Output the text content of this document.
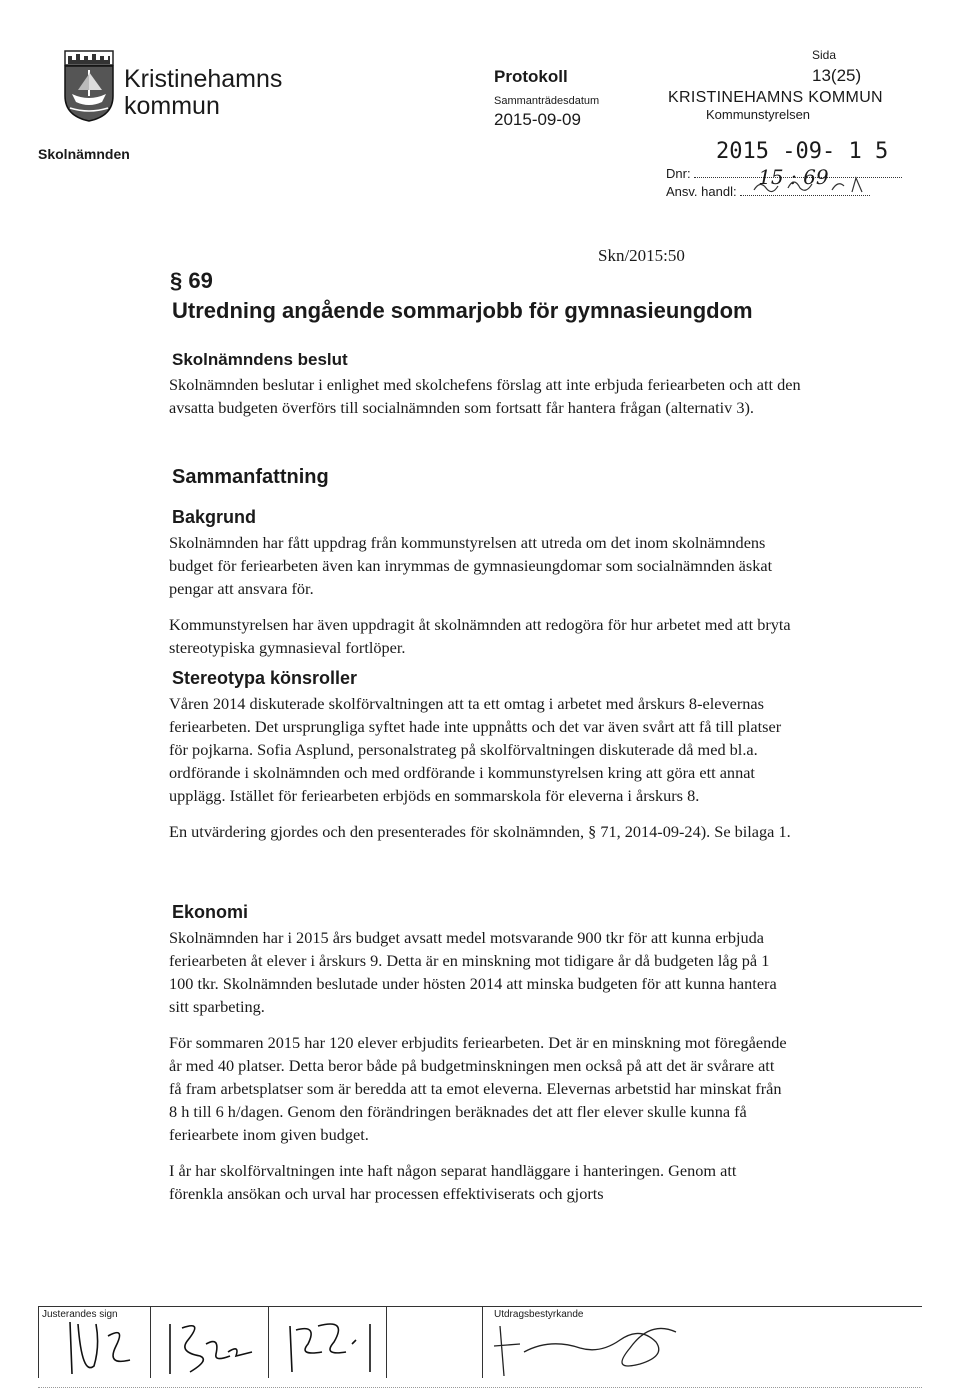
Kristinehamns
kommun
Protokoll
Sammanträdesdatum
2015-09-09
Sida
13(25)
Skolnämnden
KRISTINEHAMNS KOMMUN
Kommunstyrelsen
2015 -09- 1 5
Dnr:	15 : 69
Ansv. handl:
Skn/2015:50
§ 69
Utredning angående sommarjobb för gymnasieungdom
Skolnämndens beslut

Skolnämnden beslutar i enlighet med skolchefens förslag att inte erbjuda feriearbeten och att den avsatta budgeten överförs till socialnämnden som fortsatt får hantera frågan (alternativ 3).

Sammanfattning
Bakgrund

Skolnämnden har fått uppdrag från kommunstyrelsen att utreda om det inom skolnämndens budget för feriearbeten även kan inrymmas de gymnasieungdomar som socialnämnden äskat pengar att ansvara för.

Kommunstyrelsen har även uppdragit åt skolnämnden att redogöra för hur arbetet med att bryta stereotypiska gymnasieval fortlöper.

Stereotypa könsroller

Våren 2014 diskuterade skolförvaltningen att ta ett omtag i arbetet med årskurs 8-elevernas feriearbeten. Det ursprungliga syftet hade inte uppnåtts och det var även svårt att få till platser för pojkarna. Sofia Asplund, personalstrateg på skolförvaltningen diskuterade då med bl.a. ordförande i skolnämnden och med ordförande i kommunstyrelsen kring att göra ett annat upplägg. Istället för feriearbeten erbjöds en sommarskola för eleverna i årskurs 8.

En utvärdering gjordes och den presenterades för skolnämnden, § 71, 2014-09-24). Se bilaga 1.

Ekonomi

Skolnämnden har i 2015 års budget avsatt medel motsvarande 900 tkr för att kunna erbjuda feriearbeten åt elever i årskurs 9. Detta är en minskning mot tidigare år då budgeten låg på 1 100 tkr. Skolnämnden beslutade under hösten 2014 att minska budgeten för att kunna hantera sitt sparbeting.

För sommaren 2015 har 120 elever erbjudits feriearbeten. Det är en minskning mot föregående år med 40 platser. Detta beror både på budgetminskningen men också på att det är svårare att få fram arbetsplatser som är beredda att ta emot eleverna. Elevernas arbetstid har minskat från 8 h till 6 h/dagen. Genom den förändringen beräknades det att fler elever skulle kunna få feriearbete inom given budget.

I år har skolförvaltningen inte haft någon separat handläggare i hanteringen. Genom att förenkla ansökan och urval har processen effektiviserats och gjorts

Justerandes sign	Utdragsbestyrkande
